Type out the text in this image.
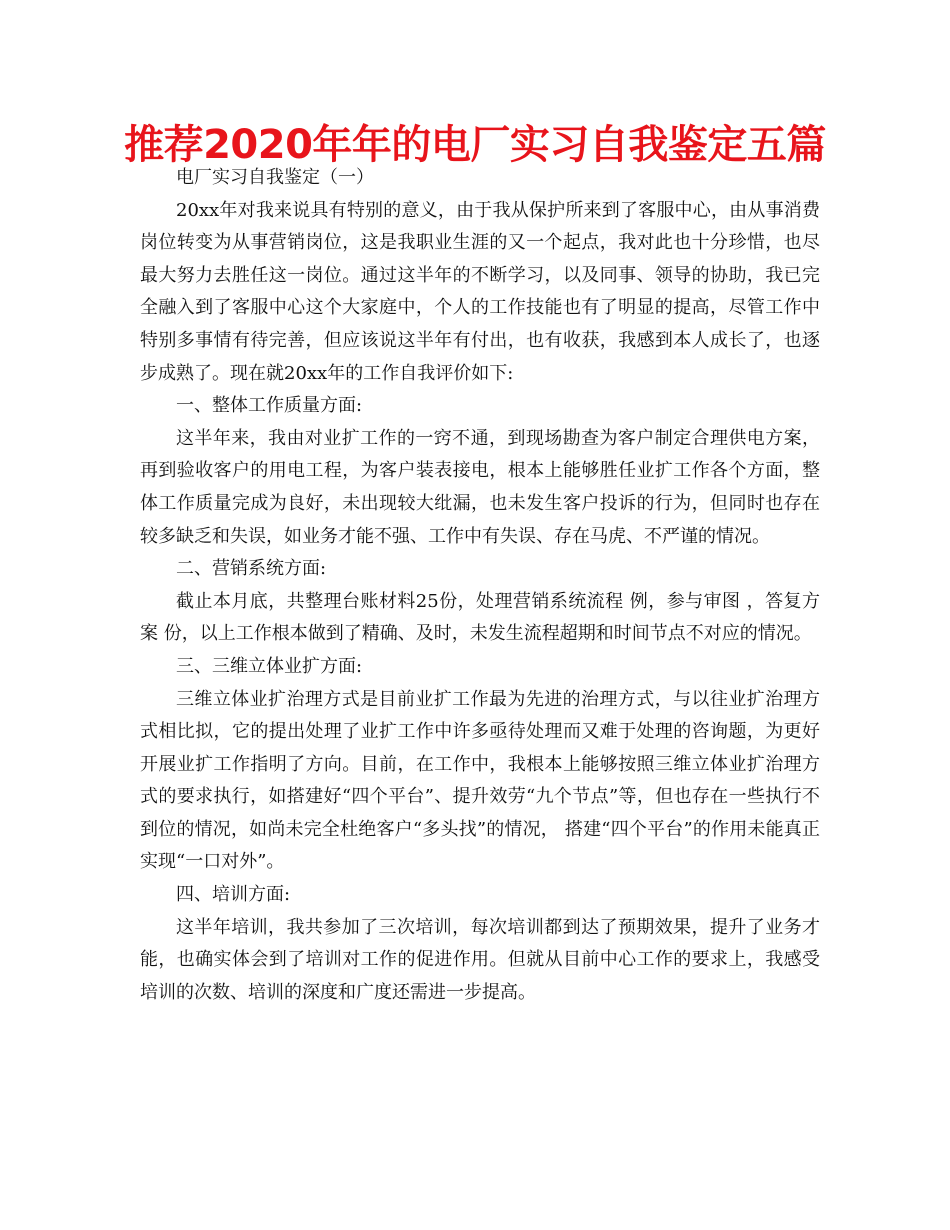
推荐2020年年的电厂实习自我鉴定五篇

电厂实习自我鉴定（一）

20xx年对我来说具有特别的意义，由于我从保护所来到了客服中心，由从事消费岗位转变为从事营销岗位，这是我职业生涯的又一个起点，我对此也十分珍惜，也尽最大努力去胜任这一岗位。通过这半年的不断学习，以及同事、领导的协助，我已完全融入到了客服中心这个大家庭中，个人的工作技能也有了明显的提高，尽管工作中特别多事情有待完善，但应该说这半年有付出，也有收获，我感到本人成长了，也逐步成熟了。现在就20xx年的工作自我评价如下:

一、整体工作质量方面:

这半年来，我由对业扩工作的一窍不通，到现场勘查为客户制定合理供电方案，再到验收客户的用电工程，为客户装表接电，根本上能够胜任业扩工作各个方面，整体工作质量完成为良好，未出现较大纰漏，也未发生客户投诉的行为，但同时也存在较多缺乏和失误，如业务才能不强、工作中有失误、存在马虎、不严谨的情况。

二、营销系统方面:

截止本月底，共整理台账材料25份，处理营销系统流程 例，参与审图 ，答复方案 份，以上工作根本做到了精确、及时，未发生流程超期和时间节点不对应的情况。

三、三维立体业扩方面:

三维立体业扩治理方式是目前业扩工作最为先进的治理方式，与以往业扩治理方式相比拟，它的提出处理了业扩工作中许多亟待处理而又难于处理的咨询题，为更好开展业扩工作指明了方向。目前，在工作中，我根本上能够按照三维立体业扩治理方式的要求执行，如搭建好“四个平台”、提升效劳“九个节点”等，但也存在一些执行不到位的情况，如尚未完全杜绝客户“多头找”的情况， 搭建“四个平台”的作用未能真正实现“一口对外”。

四、培训方面:

这半年培训，我共参加了三次培训，每次培训都到达了预期效果，提升了业务才能，也确实体会到了培训对工作的促进作用。但就从目前中心工作的要求上，我感受培训的次数、培训的深度和广度还需进一步提高。
